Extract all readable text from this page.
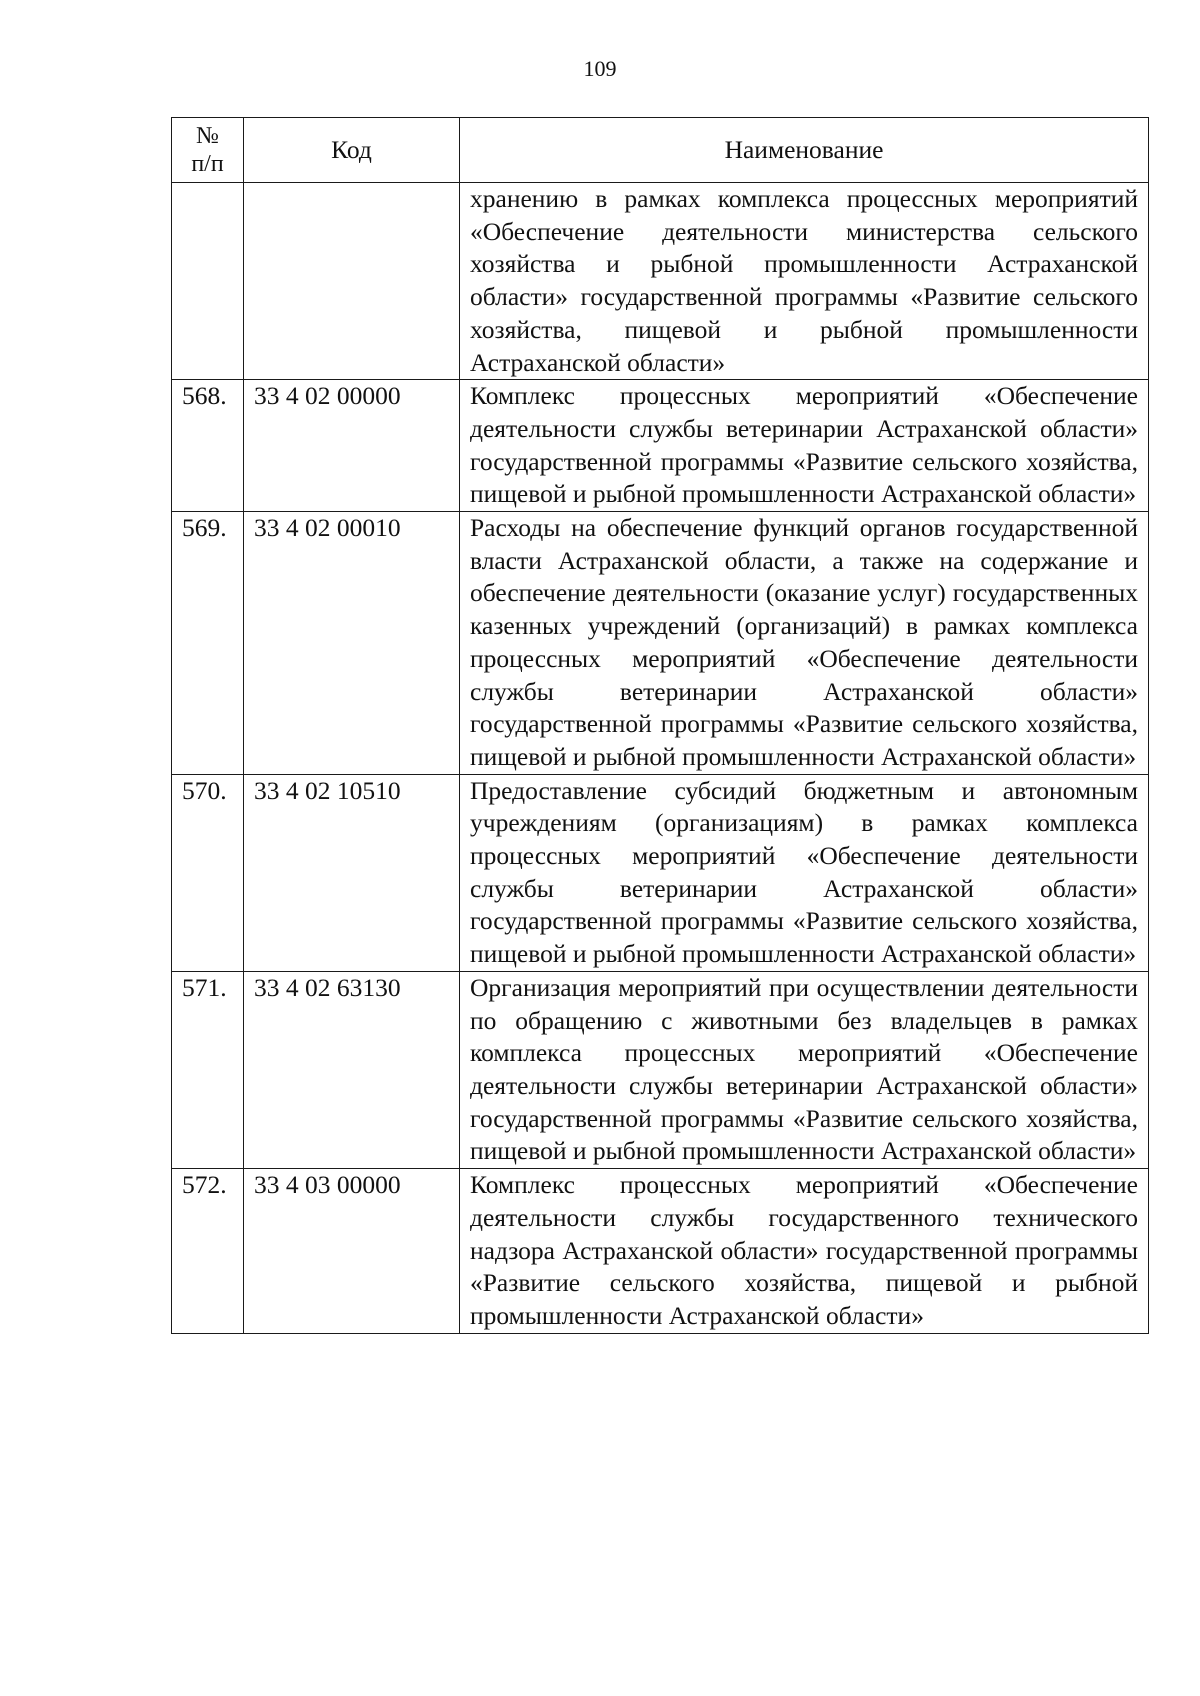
109
№
п/п	Код	Наименование
		хранению в рамках комплекса процессных мероприятий «Обеспечение деятельности министерства сельского хозяйства и рыбной промышленности Астраханской области» государственной программы «Развитие сельского хозяйства, пищевой и рыбной промышленности Астраханской области»
568.	33 4 02 00000	Комплекс процессных мероприятий «Обеспечение деятельности службы ветеринарии Астраханской области» государственной программы «Развитие сельского хозяйства, пищевой и рыбной промышленности Астраханской области»
569.	33 4 02 00010	Расходы на обеспечение функций органов государственной власти Астраханской области, а также на содержание и обеспечение деятельности (оказание услуг) государственных казенных учреждений (организаций) в рамках комплекса процессных мероприятий «Обеспечение деятельности службы ветеринарии Астраханской области» государственной программы «Развитие сельского хозяйства, пищевой и рыбной промышленности Астраханской области»
570.	33 4 02 10510	Предоставление субсидий бюджетным и автономным учреждениям (организациям) в рамках комплекса процессных мероприятий «Обеспечение деятельности службы ветеринарии Астраханской области» государственной программы «Развитие сельского хозяйства, пищевой и рыбной промышленности Астраханской области»
571.	33 4 02 63130	Организация мероприятий при осуществлении деятельности по обращению с животными без владельцев в рамках комплекса процессных мероприятий «Обеспечение деятельности службы ветеринарии Астраханской области» государственной программы «Развитие сельского хозяйства, пищевой и рыбной промышленности Астраханской области»
572.	33 4 03 00000	Комплекс процессных мероприятий «Обеспечение деятельности службы государственного технического надзора Астраханской области» государственной программы «Развитие сельского хозяйства, пищевой и рыбной промышленности Астраханской области»
